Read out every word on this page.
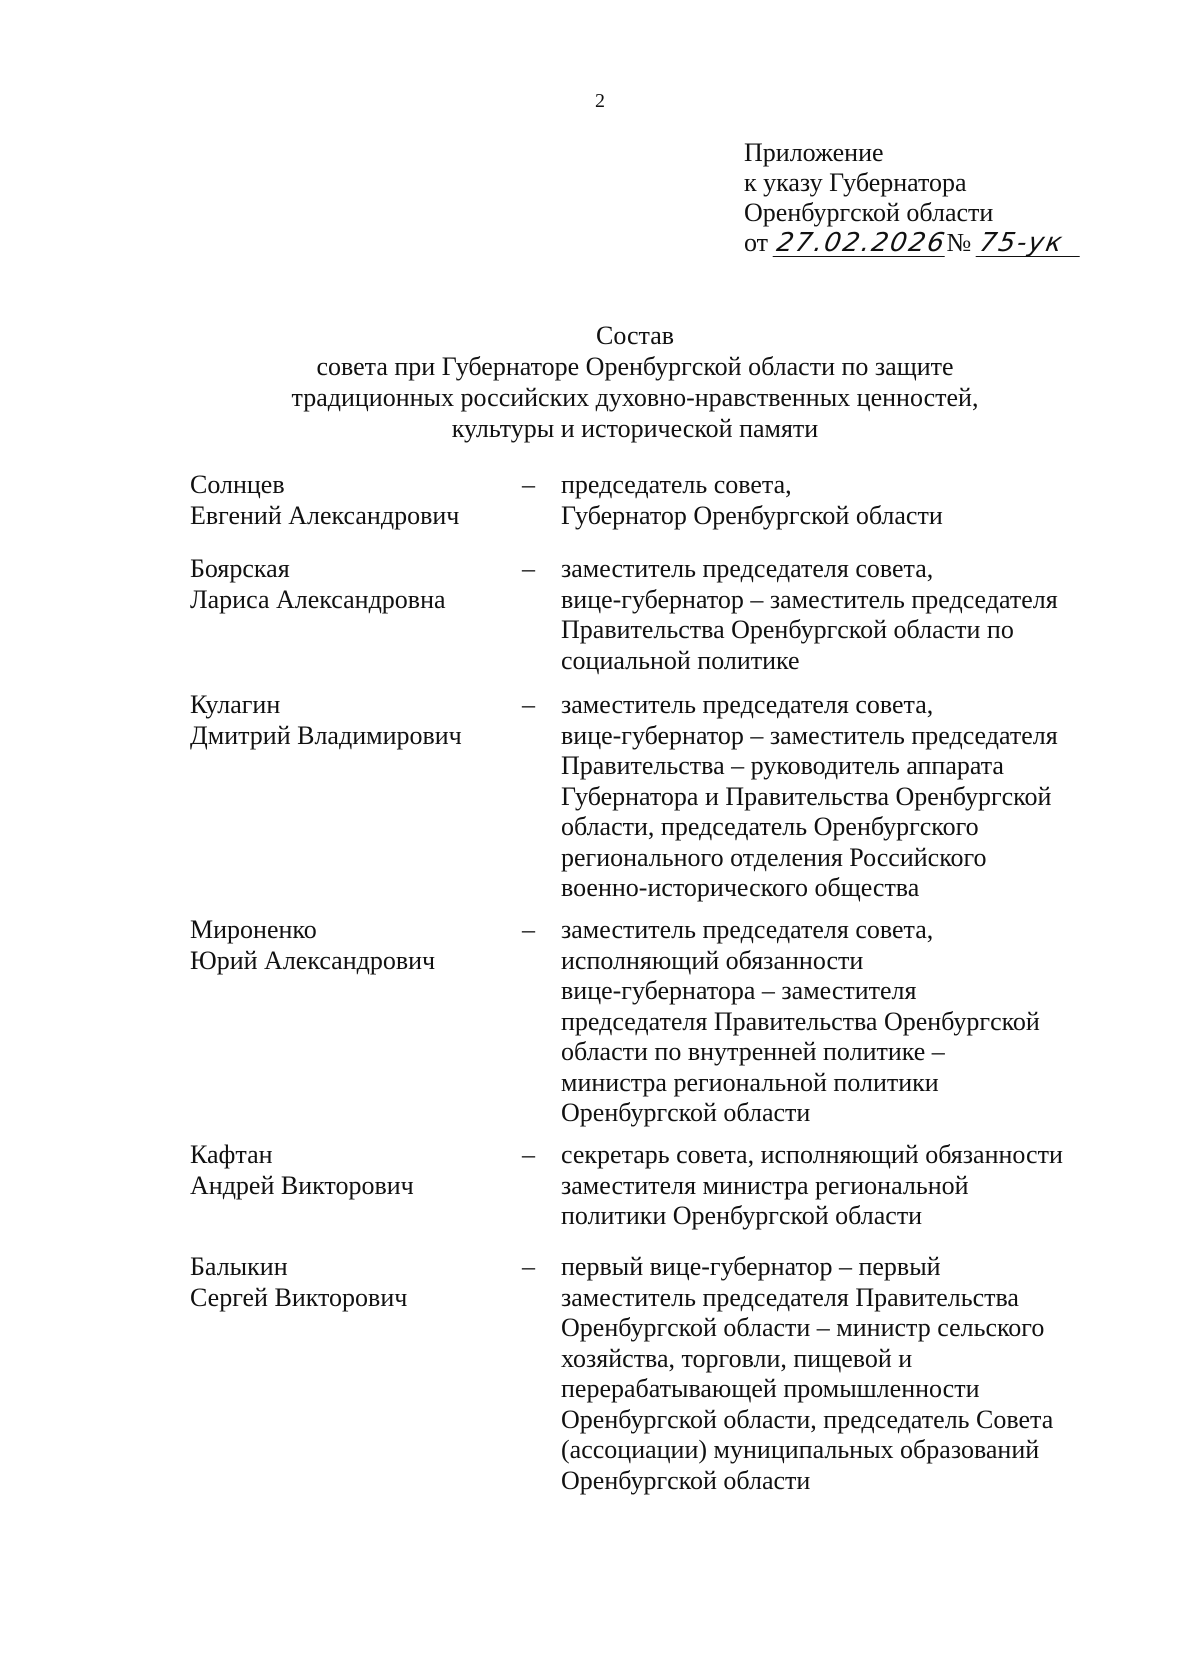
2
Приложение
к указу Губернатора
Оренбургской области
от 27.02.2026№ 75-ук
Состав
совета при Губернаторе Оренбургской области по защите
традиционных российских духовно-нравственных ценностей,
культуры и исторической памяти
Солнцев
Евгений Александрович
– председатель совета,
Губернатор Оренбургской области
Боярская
Лариса Александровна
– заместитель председателя совета,
вице-губернатор – заместитель председателя
Правительства Оренбургской области по
социальной политике
Кулагин
Дмитрий Владимирович
– заместитель председателя совета,
вице-губернатор – заместитель председателя
Правительства – руководитель аппарата
Губернатора и Правительства Оренбургской
области, председатель Оренбургского
регионального отделения Российского
военно-исторического общества
Мироненко
Юрий Александрович
– заместитель председателя совета,
исполняющий обязанности
вице-губернатора – заместителя
председателя Правительства Оренбургской
области по внутренней политике –
министра региональной политики
Оренбургской области
Кафтан
Андрей Викторович
– секретарь совета, исполняющий обязанности
заместителя министра региональной
политики Оренбургской области
Балыкин
Сергей Викторович
– первый вице-губернатор – первый
заместитель председателя Правительства
Оренбургской области – министр сельского
хозяйства, торговли, пищевой и
перерабатывающей промышленности
Оренбургской области, председатель Совета
(ассоциации) муниципальных образований
Оренбургской области
